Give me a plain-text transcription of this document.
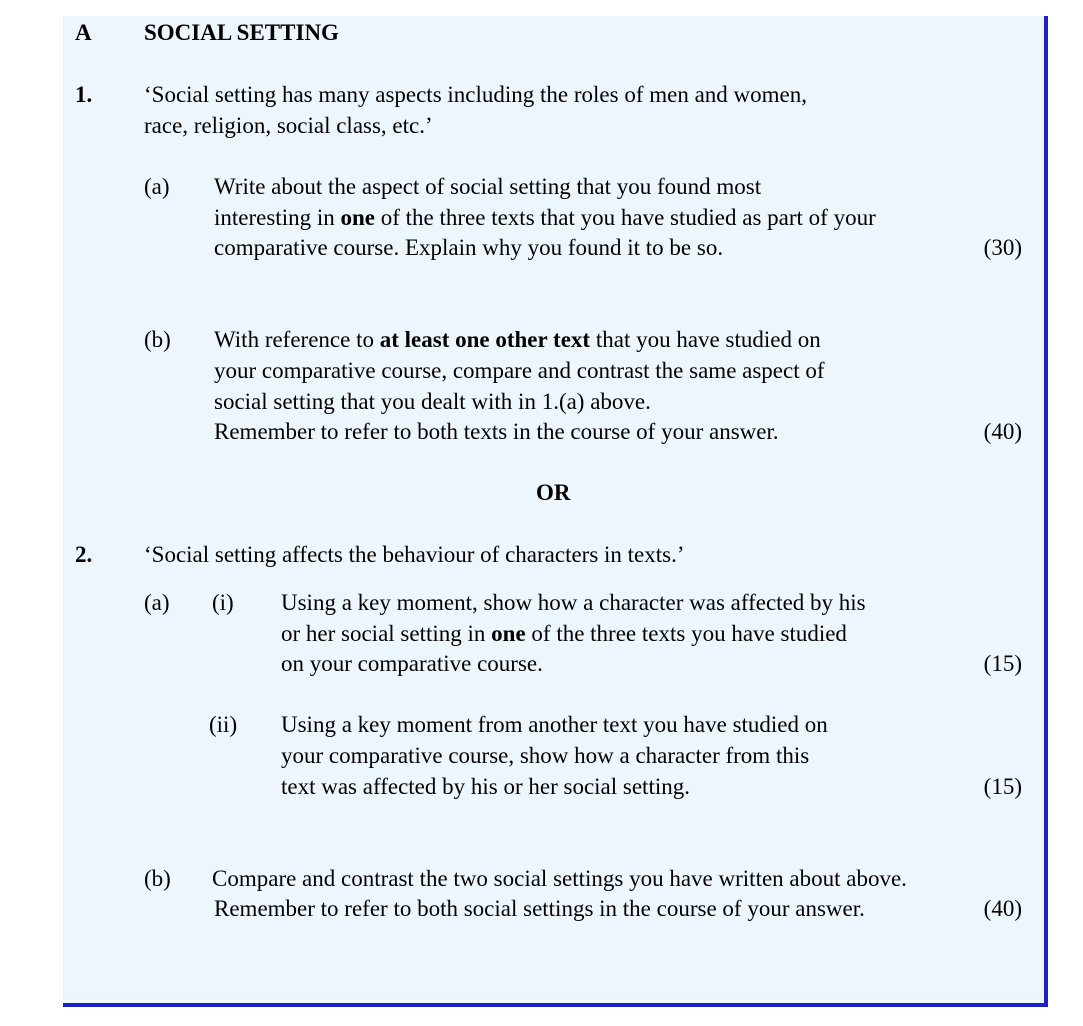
A SOCIAL SETTING

1. ‘Social setting has many aspects including the roles of men and women,

race, religion, social class, etc.’

(a) Write about the aspect of social setting that you found most

interesting in one of the three texts that you have studied as part of your

comparative course. Explain why you found it to be so.	(30)

(b) With reference to at least one other text that you have studied on

your comparative course, compare and contrast the same aspect of

social setting that you dealt with in 1.(a) above.

Remember to refer to both texts in the course of your answer.	(40)

OR

2. ‘Social setting affects the behaviour of characters in texts.’

(a) (i) Using a key moment, show how a character was affected by his

or her social setting in one of the three texts you have studied

on your comparative course.	(15)

(ii) Using a key moment from another text you have studied on

your comparative course, show how a character from this

text was affected by his or her social setting.	(15)

(b) Compare and contrast the two social settings you have written about above.

Remember to refer to both social settings in the course of your answer.	(40)
